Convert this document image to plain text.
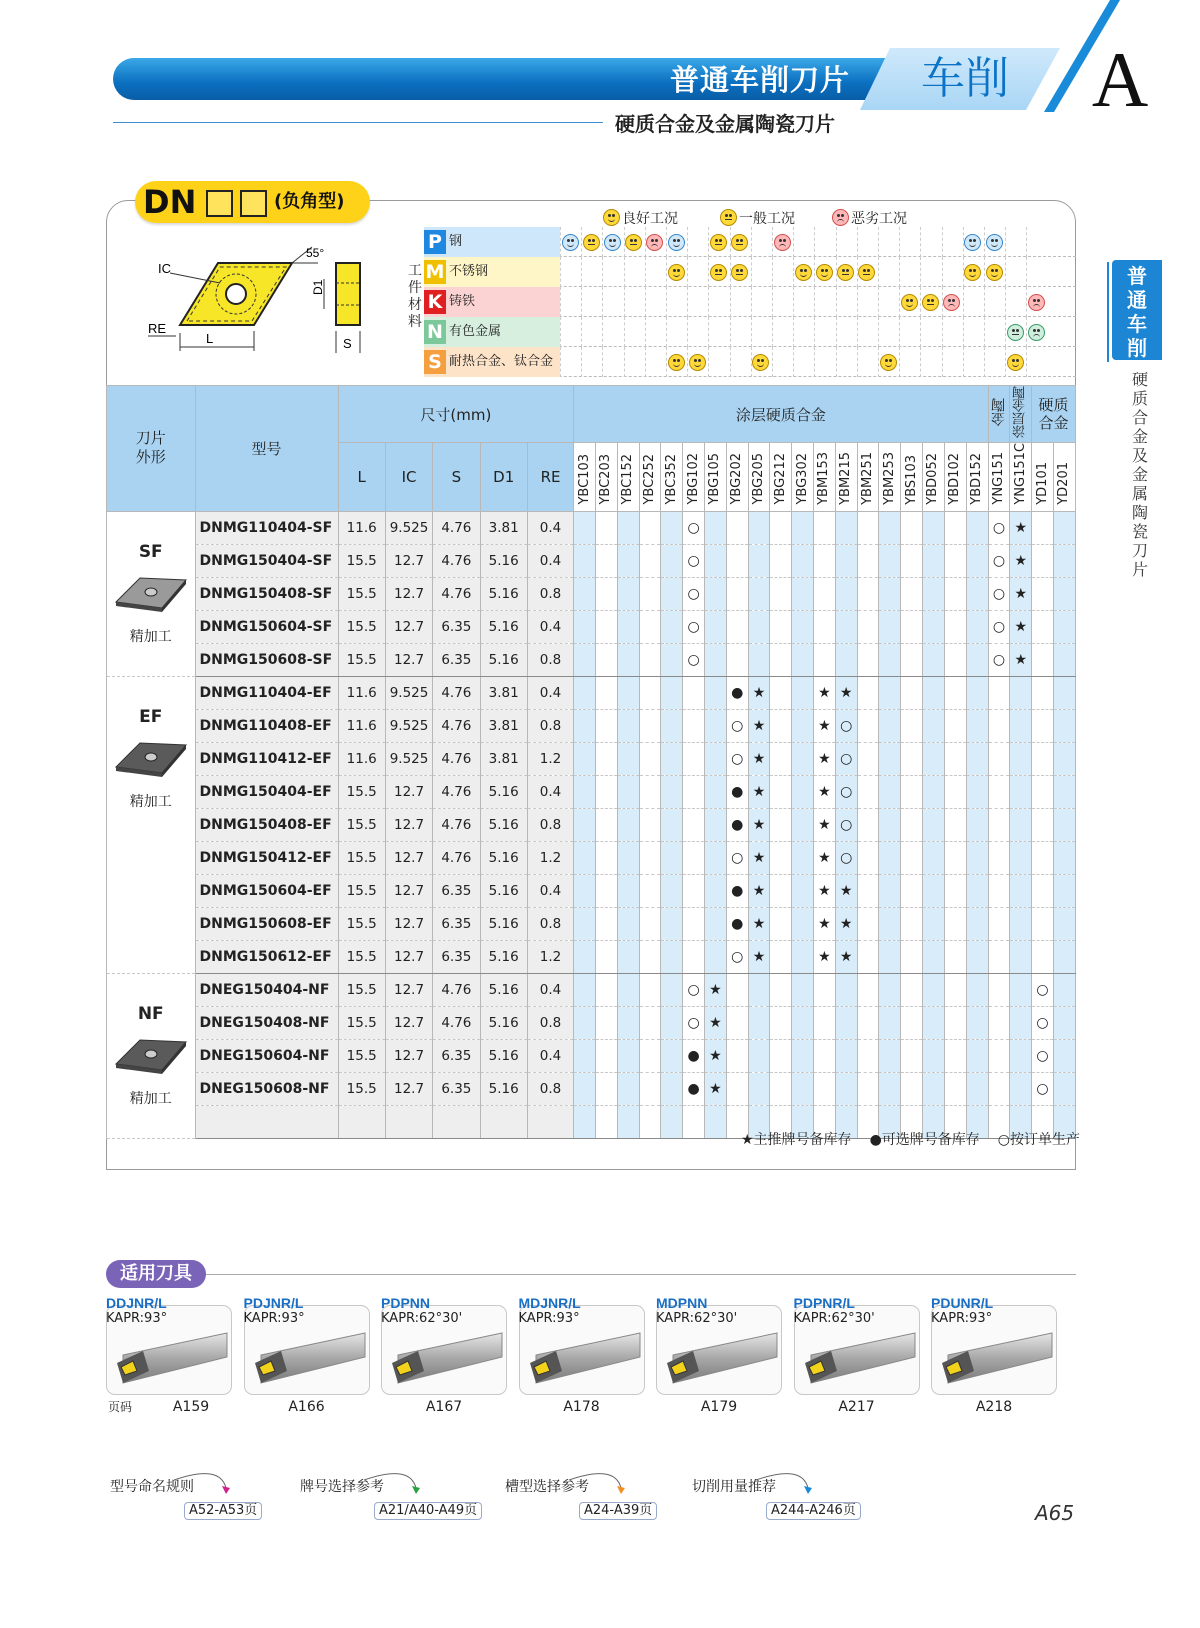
普通车削刀片	车削	A
硬质合金及金属陶瓷刀片
普
通
车
削
硬
质
合
金
及
金
属
陶
瓷
刀
片
DN	(负角型)
IC
55°
L
RE
D1
S
良好工况	一般工况	恶劣工况
工
件
材
料
P 钢
M 不锈钢
K 铸铁
N 有色金属
S 耐热合金、钛合金
刀片外形	型号	尺寸(mm)					涂层硬质合金																			金陶	涂层金陶	硬质合金	
		L	IC	S	D1	RE	YBC103	YBC203	YBC152	YBC252	YBC352	YBG102	YBG105	YBG202	YBG205	YBG212	YBG302	YBM153	YBM215	YBM251	YBM253	YBS103	YBD052	YBD102	YBD152	YNG151	YNG151C	YD101	YD201

SF
精加工	DNMG110404-SF	11.6	9.525	4.76	3.81	0.4						○														○	★		
	DNMG150404-SF	15.5	12.7	4.76	5.16	0.4						○														○	★		
	DNMG150408-SF	15.5	12.7	4.76	5.16	0.8						○														○	★		
	DNMG150604-SF	15.5	12.7	6.35	5.16	0.4						○														○	★		
	DNMG150608-SF	15.5	12.7	6.35	5.16	0.8						○														○	★		

EF
精加工	DNMG110404-EF	11.6	9.525	4.76	3.81	0.4								●	★			★	★										
	DNMG110408-EF	11.6	9.525	4.76	3.81	0.8								○	★			★	○										
	DNMG110412-EF	11.6	9.525	4.76	3.81	1.2								○	★			★	○										
	DNMG150404-EF	15.5	12.7	4.76	5.16	0.4								●	★			★	○										
	DNMG150408-EF	15.5	12.7	4.76	5.16	0.8								●	★			★	○										
	DNMG150412-EF	15.5	12.7	4.76	5.16	1.2								○	★			★	○										
	DNMG150604-EF	15.5	12.7	6.35	5.16	0.4								●	★			★	★										
	DNMG150608-EF	15.5	12.7	6.35	5.16	0.8								●	★			★	★										
	DNMG150612-EF	15.5	12.7	6.35	5.16	1.2								○	★			★	★										

NF
精加工	DNEG150404-NF	15.5	12.7	4.76	5.16	0.4						○	★															○	
	DNEG150408-NF	15.5	12.7	4.76	5.16	0.8						○	★															○	
	DNEG150604-NF	15.5	12.7	6.35	5.16	0.4						●	★															○	
	DNEG150608-NF	15.5	12.7	6.35	5.16	0.8						●	★															○	

★主推牌号备库存 ●可选牌号备库存 ○按订单生产
适用刀具
DDJNR/L
KAPR:93°
A159
PDJNR/L
KAPR:93°
A166
PDPNN
KAPR:62°30'
A167
MDJNR/L
KAPR:93°
A178
MDPNN
KAPR:62°30'
A179
PDPNR/L
KAPR:62°30'
A217
PDUNR/L
KAPR:93°
A218
页码
型号命名规则
A52-A53页
牌号选择参考
A21/A40-A49页
槽型选择参考
A24-A39页
切削用量推荐
A244-A246页	A65
